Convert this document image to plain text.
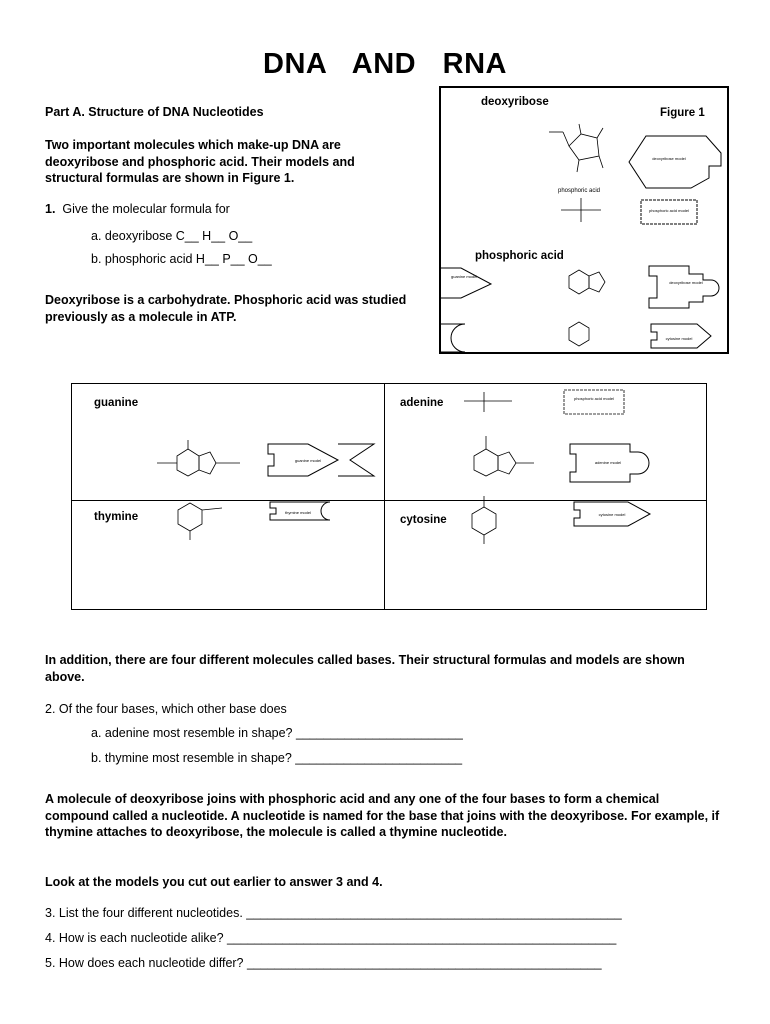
DNA AND RNA
Part A. Structure of DNA Nucleotides
Two important molecules which make-up DNA are deoxyribose and phosphoric acid. Their models and structural formulas are shown in Figure 1.
1. Give the molecular formula for
a. deoxyribose C__ H__ O__
b. phosphoric acid H__ P__ O__
Deoxyribose is a carbohydrate. Phosphoric acid was studied previously as a molecule in ATP.
deoxyribose
Figure 1
phosphoric acid
deoxyribose model
phosphoric acid
phosphoric acid model
guanine model
deoxyribose model
cytosine model
guanine	adenine
thymine	cytosine
guanine model
phosphoric acid model
adenine model
thymine model	cytosine model
In addition, there are four different molecules called bases. Their structural formulas and models are shown above.
2. Of the four bases, which other base does
a. adenine most resemble in shape? ________________________
b. thymine most resemble in shape? ________________________
A molecule of deoxyribose joins with phosphoric acid and any one of the four bases to form a chemical compound called a nucleotide. A nucleotide is named for the base that joins with the deoxyribose. For example, if thymine attaches to deoxyribose, the molecule is called a thymine nucleotide.
Look at the models you cut out earlier to answer 3 and 4.
3. List the four different nucleotides. ______________________________________________________
4. How is each nucleotide alike? ________________________________________________________
5. How does each nucleotide differ? ___________________________________________________
